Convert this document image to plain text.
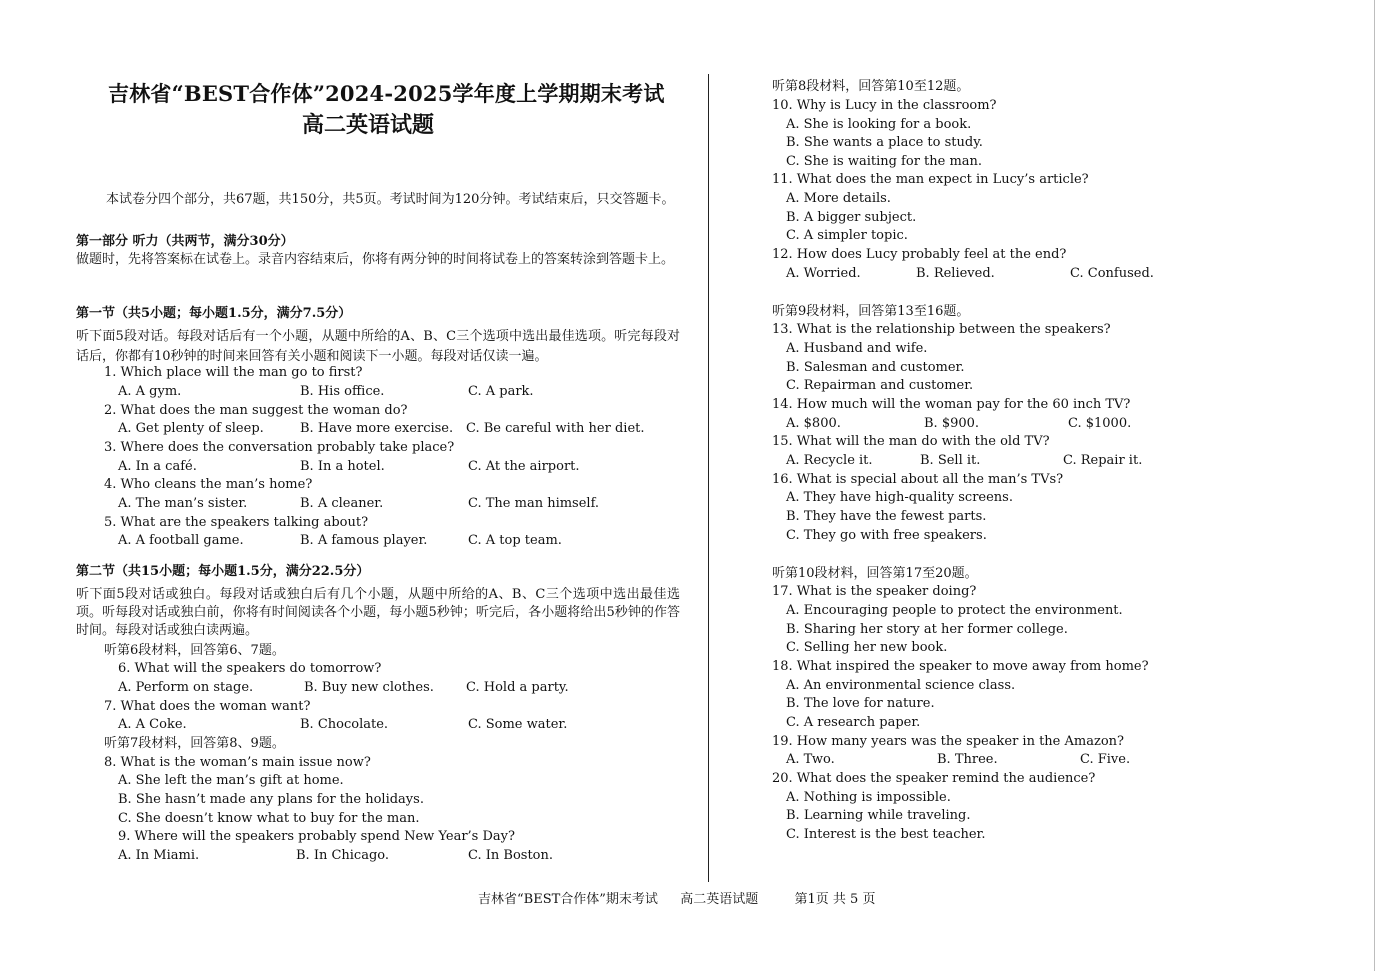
吉林省“BEST合作体”2024-2025学年度上学期期末考试
高二英语试题
本试卷分四个部分，共67题，共150分，共5页。考试时间为120分钟。考试结束后，只交答题卡。
第一部分 听力（共两节，满分30分）
做题时，先将答案标在试卷上。录音内容结束后，你将有两分钟的时间将试卷上的答案转涂到答题卡上。
第一节（共5小题；每小题1.5分，满分7.5分）
听下面5段对话。每段对话后有一个小题，从题中所给的A、B、C三个选项中选出最佳选项。听完每段对话后，你都有10秒钟的时间来回答有关小题和阅读下一小题。每段对话仅读一遍。
1. Which place will the man go to first?
A. A gym.	B. His office.	C. A park.
2. What does the man suggest the woman do?
A. Get plenty of sleep.	B. Have more exercise. C. Be careful with her diet.
3. Where does the conversation probably take place?
A. In a café.	B. In a hotel.	C. At the airport.
4. Who cleans the man’s home?
A. The man’s sister.	B. A cleaner.	C. The man himself.
5. What are the speakers talking about?
A. A football game.	B. A famous player.	C. A top team.
第二节（共15小题；每小题1.5分，满分22.5分）
听下面5段对话或独白。每段对话或独白后有几个小题，从题中所给的A、B、C三个选项中选出最佳选项。听每段对话或独白前，你将有时间阅读各个小题，每小题5秒钟；听完后，各小题将给出5秒钟的作答时间。每段对话或独白读两遍。
听第6段材料，回答第6、7题。
6. What will the speakers do tomorrow?
A. Perform on stage.	B. Buy new clothes. C. Hold a party.
7. What does the woman want?
A. A Coke.	B. Chocolate.	C. Some water.
听第7段材料，回答第8、9题。
8. What is the woman’s main issue now?
A. She left the man’s gift at home.
B. She hasn’t made any plans for the holidays.
C. She doesn’t know what to buy for the man.
9. Where will the speakers probably spend New Year’s Day?
A. In Miami.	B. In Chicago.	C. In Boston.
听第8段材料，回答第10至12题。
10. Why is Lucy in the classroom?
A. She is looking for a book.
B. She wants a place to study.
C. She is waiting for the man.
11. What does the man expect in Lucy’s article?
A. More details.
B. A bigger subject.
C. A simpler topic.
12. How does Lucy probably feel at the end?
A. Worried.	B. Relieved.	C. Confused.
听第9段材料，回答第13至16题。
13. What is the relationship between the speakers?
A. Husband and wife.
B. Salesman and customer.
C. Repairman and customer.
14. How much will the woman pay for the 60 inch TV?
A. $800.	B. $900.	C. $1000.
15. What will the man do with the old TV?
A. Recycle it.	B. Sell it.	C. Repair it.
16. What is special about all the man’s TVs?
A. They have high-quality screens.
B. They have the fewest parts.
C. They go with free speakers.
听第10段材料，回答第17至20题。
17. What is the speaker doing?
A. Encouraging people to protect the environment.
B. Sharing her story at her former college.
C. Selling her new book.
18. What inspired the speaker to move away from home?
A. An environmental science class.
B. The love for nature.
C. A research paper.
19. How many years was the speaker in the Amazon?
A. Two.	B. Three.	C. Five.
20. What does the speaker remind the audience?
A. Nothing is impossible.
B. Learning while traveling.
C. Interest is the best teacher.
吉林省“BEST合作体”期末考试 高二英语试题	第1页 共 5 页
